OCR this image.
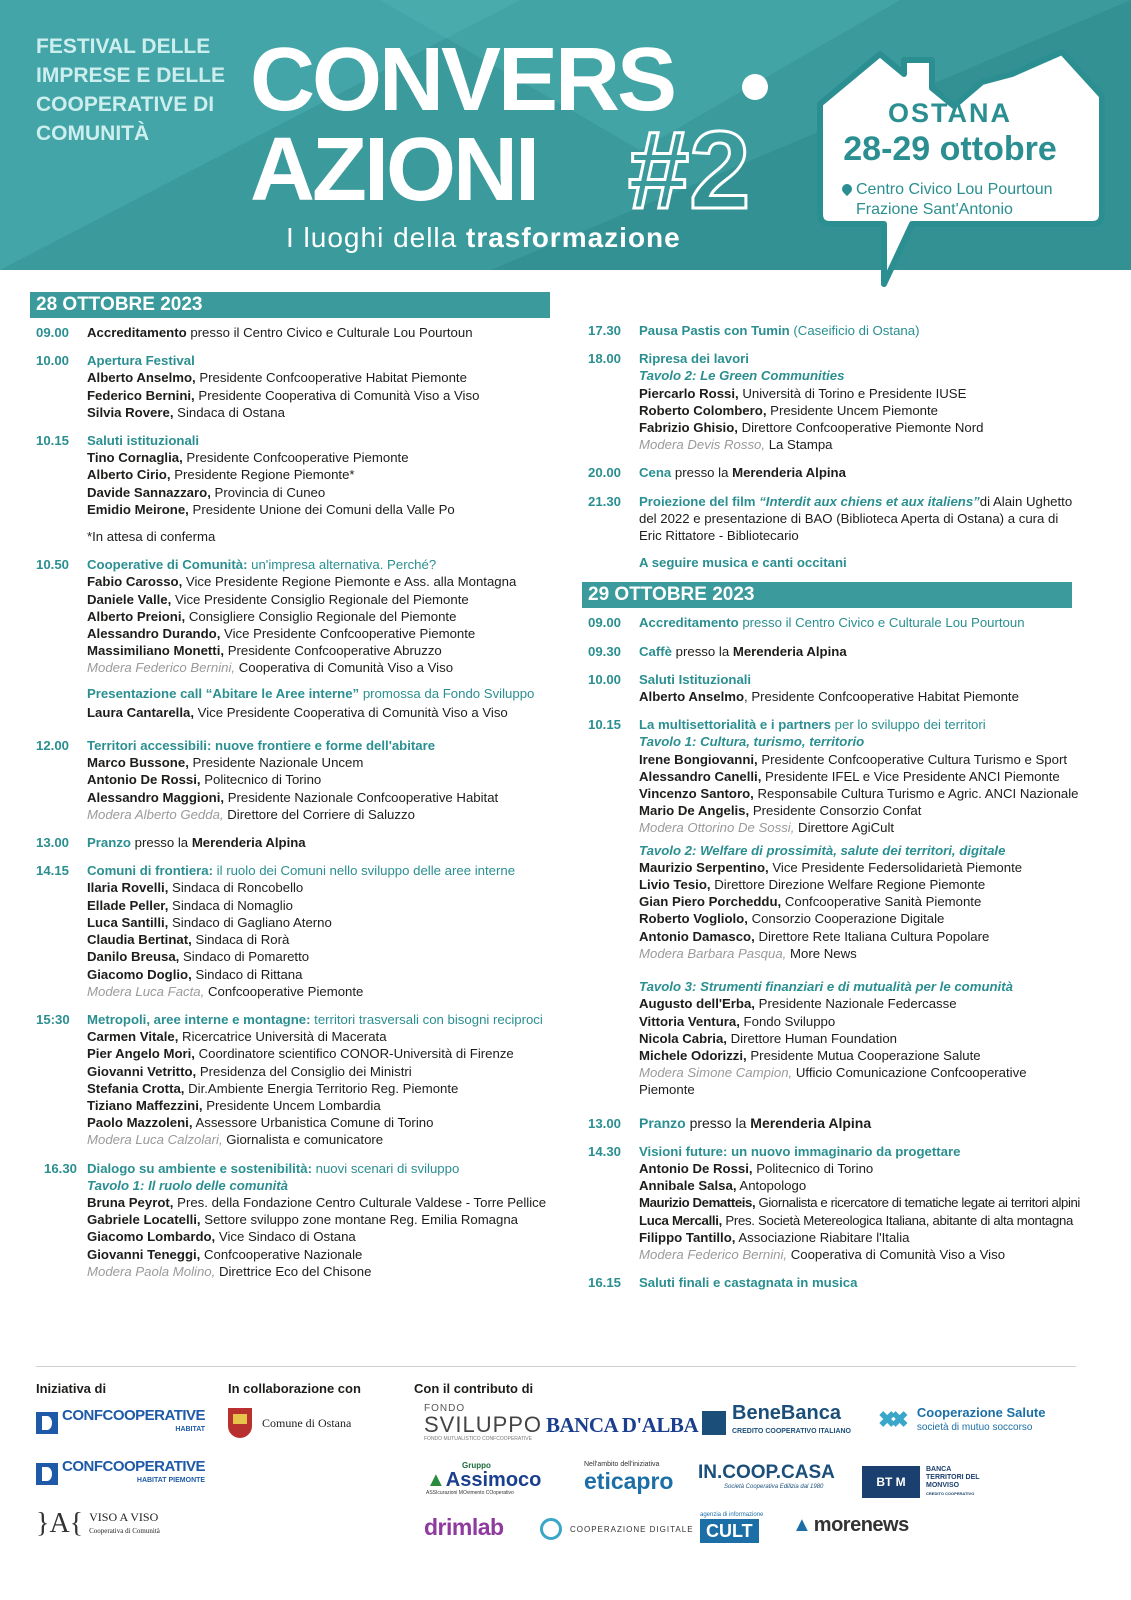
FESTIVAL DELLE
IMPRESE E DELLE
COOPERATIVE DI
COMUNITÀ
CONVERS
AZIONI #2
I luoghi della trasformazione
OSTANA
28-29 ottobre
Centro Civico Lou Pourtoun
Frazione Sant'Antonio
28 OTTOBRE 2023
09.00 Accreditamento presso il Centro Civico e Culturale Lou Pourtoun
10.00 Apertura Festival
Alberto Anselmo, Presidente Confcooperative Habitat Piemonte
Federico Bernini, Presidente Cooperativa di Comunità Viso a Viso
Silvia Rovere, Sindaca di Ostana
10.15 Saluti istituzionali
Tino Cornaglia, Presidente Confcooperative Piemonte
Alberto Cirio, Presidente Regione Piemonte*
Davide Sannazzaro, Provincia di Cuneo
Emidio Meirone, Presidente Unione dei Comuni della Valle Po
*In attesa di conferma
10.50 Cooperative di Comunità: un'impresa alternativa. Perché?
Fabio Carosso, Vice Presidente Regione Piemonte e Ass. alla Montagna
Daniele Valle, Vice Presidente Consiglio Regionale del Piemonte
Alberto Preioni, Consigliere Consiglio Regionale del Piemonte
Alessandro Durando, Vice Presidente Confcooperative Piemonte
Massimiliano Monetti, Presidente Confcooperative Abruzzo
Modera Federico Bernini, Cooperativa di Comunità Viso a Viso
Presentazione call “Abitare le Aree interne” promossa da Fondo Sviluppo
Laura Cantarella, Vice Presidente Cooperativa di Comunità Viso a Viso
12.00 Territori accessibili: nuove frontiere e forme dell'abitare
Marco Bussone, Presidente Nazionale Uncem
Antonio De Rossi, Politecnico di Torino
Alessandro Maggioni, Presidente Nazionale Confcooperative Habitat
Modera Alberto Gedda, Direttore del Corriere di Saluzzo
13.00 Pranzo presso la Merenderia Alpina
14.15 Comuni di frontiera: il ruolo dei Comuni nello sviluppo delle aree interne
Ilaria Rovelli, Sindaca di Roncobello
Ellade Peller, Sindaca di Nomaglio
Luca Santilli, Sindaco di Gagliano Aterno
Claudia Bertinat, Sindaca di Rorà
Danilo Breusa, Sindaco di Pomaretto
Giacomo Doglio, Sindaco di Rittana
Modera Luca Facta, Confcooperative Piemonte
15:30 Metropoli, aree interne e montagne: territori trasversali con bisogni reciproci
Carmen Vitale, Ricercatrice Università di Macerata
Pier Angelo Mori, Coordinatore scientifico CONOR-Università di Firenze
Giovanni Vetritto, Presidenza del Consiglio dei Ministri
Stefania Crotta, Dir.Ambiente Energia Territorio Reg. Piemonte
Tiziano Maffezzini, Presidente Uncem Lombardia
Paolo Mazzoleni, Assessore Urbanistica Comune di Torino
Modera Luca Calzolari, Giornalista e comunicatore
16.30 Dialogo su ambiente e sostenibilità: nuovi scenari di sviluppo
Tavolo 1: Il ruolo delle comunità
Bruna Peyrot, Pres. della Fondazione Centro Culturale Valdese - Torre Pellice
Gabriele Locatelli, Settore sviluppo zone montane Reg. Emilia Romagna
Giacomo Lombardo, Vice Sindaco di Ostana
Giovanni Teneggi, Confcooperative Nazionale
Modera Paola Molino, Direttrice Eco del Chisone
17.30 Pausa Pastis con Tumin (Caseificio di Ostana)
18.00 Ripresa dei lavori
Tavolo 2: Le Green Communities
Piercarlo Rossi, Università di Torino e Presidente IUSE
Roberto Colombero, Presidente Uncem Piemonte
Fabrizio Ghisio, Direttore Confcooperative Piemonte Nord
Modera Devis Rosso, La Stampa
20.00 Cena presso la Merenderia Alpina
21.30 Proiezione del film “Interdit aux chiens et aux italiens”di Alain Ughetto del 2022 e presentazione di BAO (Biblioteca Aperta di Ostana) a cura di Eric Rittatore - Bibliotecario
A seguire musica e canti occitani
29 OTTOBRE 2023
09.00 Accreditamento presso il Centro Civico e Culturale Lou Pourtoun
09.30 Caffè presso la Merenderia Alpina
10.00 Saluti Istituzionali
Alberto Anselmo, Presidente Confcooperative Habitat Piemonte
10.15 La multisettorialità e i partners per lo sviluppo dei territori
Tavolo 1: Cultura, turismo, territorio
Irene Bongiovanni, Presidente Confcooperative Cultura Turismo e Sport
Alessandro Canelli, Presidente IFEL e Vice Presidente ANCI Piemonte
Vincenzo Santoro, Responsabile Cultura Turismo e Agric. ANCI Nazionale
Mario De Angelis, Presidente Consorzio Confat
Modera Ottorino De Sossi, Direttore AgiCult
Tavolo 2: Welfare di prossimità, salute dei territori, digitale
Maurizio Serpentino, Vice Presidente Federsolidarietà Piemonte
Livio Tesio, Direttore Direzione Welfare Regione Piemonte
Gian Piero Porcheddu, Confcooperative Sanità Piemonte
Roberto Vogliolo, Consorzio Cooperazione Digitale
Antonio Damasco, Direttore Rete Italiana Cultura Popolare
Modera Barbara Pasqua, More News
Tavolo 3: Strumenti finanziari e di mutualità per le comunità
Augusto dell'Erba, Presidente Nazionale Federcasse
Vittoria Ventura, Fondo Sviluppo
Nicola Cabria, Direttore Human Foundation
Michele Odorizzi, Presidente Mutua Cooperazione Salute
Modera Simone Campion, Ufficio Comunicazione Confcooperative Piemonte
13.00 Pranzo presso la Merenderia Alpina
14.30 Visioni future: un nuovo immaginario da progettare
Antonio De Rossi, Politecnico di Torino
Annibale Salsa, Antopologo
Maurizio Dematteis, Giornalista e ricercatore di tematiche legate ai territori alpini
Luca Mercalli, Pres. Società Metereologica Italiana, abitante di alta montagna
Filippo Tantillo, Associazione Riabitare l'Italia
Modera Federico Bernini, Cooperativa di Comunità Viso a Viso
16.15 Saluti finali e castagnata in musica
Iniziativa di	In collaborazione con	Con il contributo di
CONFCOOPERATIVE
HABITAT
CONFCOOPERATIVE
HABITAT PIEMONTE
}A{ VISO A VISO
Cooperativa di Comunità
Comune di Ostana
FONDO
SVILUPPO
FONDO MUTUALISTICO CONFCOOPERATIVE
BANCA D'ALBA BeneBanca
CREDITO COOPERATIVO ITALIANO ✖✖ Cooperazione Salute
società di mutuo soccorso
Gruppo
▲Assimoco
ASSIcurazioni MOvimento COoperativo
Nell'ambito dell'iniziativa
eticapro IN.COOP.CASA
Società Cooperativa Edilizia dal 1980	BT M
BANCA TERRITORI DEL MONVISO
CREDITO COOPERATIVO
drimlab	COOPERAZIONE DIGITALE
agenzia di informazione
CULT	▲ morenews
